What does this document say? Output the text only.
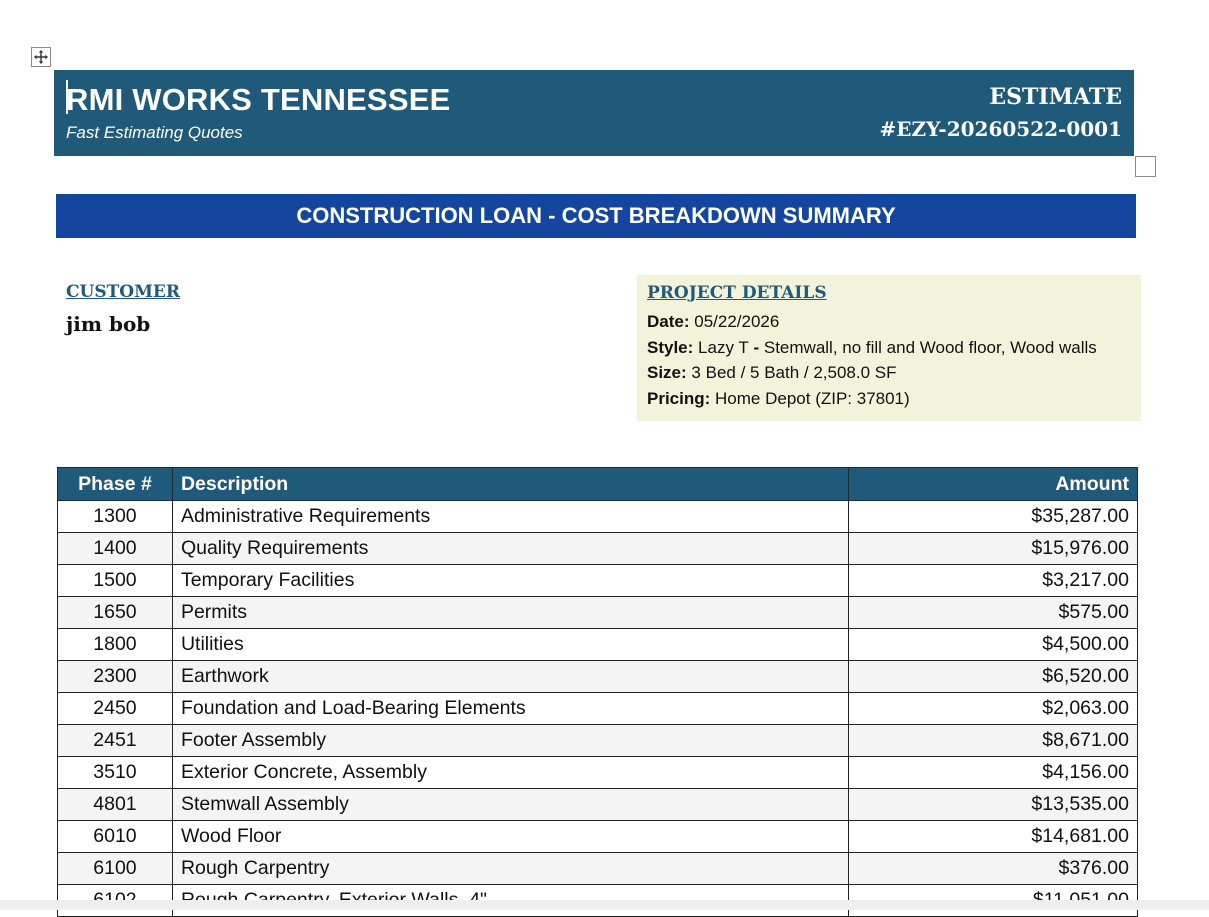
RMI WORKS TENNESSEE
Fast Estimating Quotes
ESTIMATE
#EZY-20260522-0001
CONSTRUCTION LOAN - COST BREAKDOWN SUMMARY
CUSTOMER
jim bob
PROJECT DETAILS
Date: 05/22/2026
Style: Lazy T - Stemwall, no fill and Wood floor, Wood walls
Size: 3 Bed / 5 Bath / 2,508.0 SF
Pricing: Home Depot (ZIP: 37801)
Phase #	Description	Amount
1300	Administrative Requirements	$35,287.00
1400	Quality Requirements	$15,976.00
1500	Temporary Facilities	$3,217.00
1650	Permits	$575.00
1800	Utilities	$4,500.00
2300	Earthwork	$6,520.00
2450	Foundation and Load-Bearing Elements	$2,063.00
2451	Footer Assembly	$8,671.00
3510	Exterior Concrete, Assembly	$4,156.00
4801	Stemwall Assembly	$13,535.00
6010	Wood Floor	$14,681.00
6100	Rough Carpentry	$376.00
